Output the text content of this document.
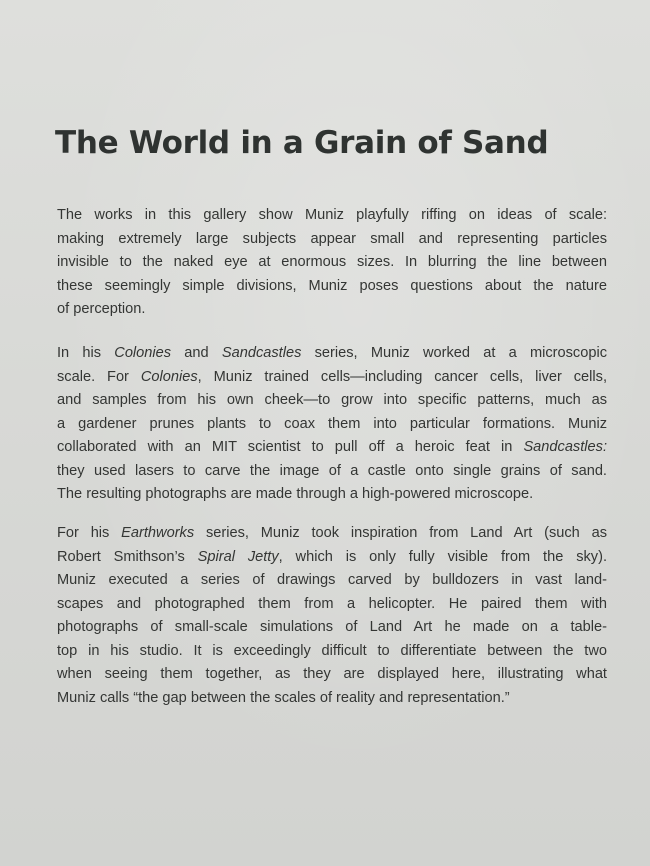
The World in a Grain of Sand

The works in this gallery show Muniz playfully riffing on ideas of scale:
making extremely large subjects appear small and representing particles
invisible to the naked eye at enormous sizes. In blurring the line between
these seemingly simple divisions, Muniz poses questions about the nature
of perception.

In his Colonies and Sandcastles series, Muniz worked at a microscopic
scale. For Colonies, Muniz trained cells—including cancer cells, liver cells,
and samples from his own cheek—to grow into specific patterns, much as
a gardener prunes plants to coax them into particular formations. Muniz
collaborated with an MIT scientist to pull off a heroic feat in Sandcastles:
they used lasers to carve the image of a castle onto single grains of sand.
The resulting photographs are made through a high-powered microscope.

For his Earthworks series, Muniz took inspiration from Land Art (such as
Robert Smithson’s Spiral Jetty, which is only fully visible from the sky).
Muniz executed a series of drawings carved by bulldozers in vast land-
scapes and photographed them from a helicopter. He paired them with
photographs of small-scale simulations of Land Art he made on a table-
top in his studio. It is exceedingly difficult to differentiate between the two
when seeing them together, as they are displayed here, illustrating what
Muniz calls “the gap between the scales of reality and representation.”
